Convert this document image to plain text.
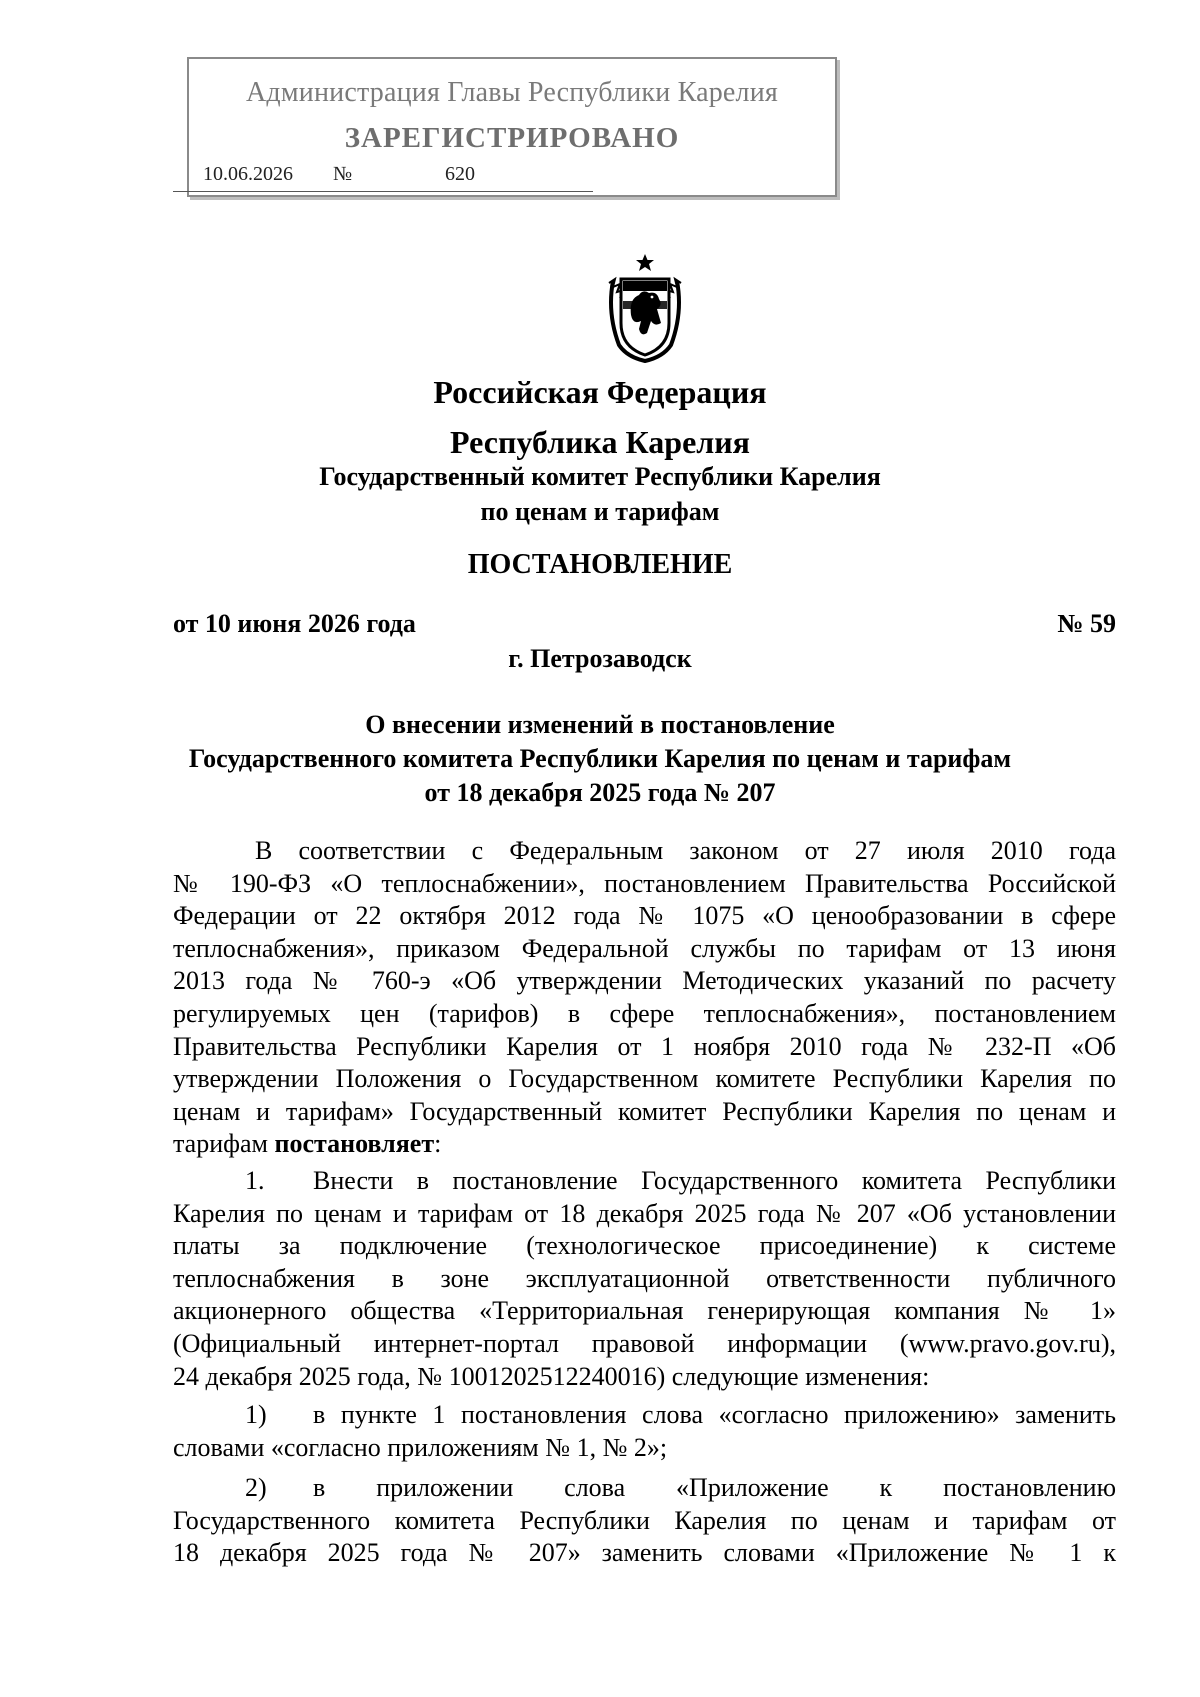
Администрация Главы Республики Карелия
ЗАРЕГИСТРИРОВАНО
10.06.2026 №	620
Российская Федерация
Республика Карелия
Государственный комитет Республики Карелия
по ценам и тарифам
ПОСТАНОВЛЕНИЕ
от 10 июня 2026 года	№ 59
г. Петрозаводск
О внесении изменений в постановление
Государственного комитета Республики Карелия по ценам и тарифам
от 18 декабря 2025 года № 207
В соответствии с Федеральным законом от 27 июля 2010 года
№ 190-ФЗ «О теплоснабжении», постановлением Правительства Российской
Федерации от 22 октября 2012 года № 1075 «О ценообразовании в сфере
теплоснабжения», приказом Федеральной службы по тарифам от 13 июня
2013 года № 760-э «Об утверждении Методических указаний по расчету
регулируемых цен (тарифов) в сфере теплоснабжения», постановлением
Правительства Республики Карелия от 1 ноября 2010 года № 232-П «Об
утверждении Положения о Государственном комитете Республики Карелия по
ценам и тарифам» Государственный комитет Республики Карелия по ценам и
тарифам постановляет:
1. Внести в постановление Государственного комитета Республики
Карелия по ценам и тарифам от 18 декабря 2025 года № 207 «Об установлении
платы за подключение (технологическое присоединение) к системе
теплоснабжения в зоне эксплуатационной ответственности публичного
акционерного общества «Территориальная генерирующая компания № 1»
(Официальный интернет-портал правовой информации (www.pravo.gov.ru),
24 декабря 2025 года, № 1001202512240016) следующие изменения:
1) в пункте 1 постановления слова «согласно приложению» заменить
словами «согласно приложениям № 1, № 2»;
2) в приложении слова «Приложение к постановлению
Государственного комитета Республики Карелия по ценам и тарифам от
18 декабря 2025 года № 207» заменить словами «Приложение № 1 к
